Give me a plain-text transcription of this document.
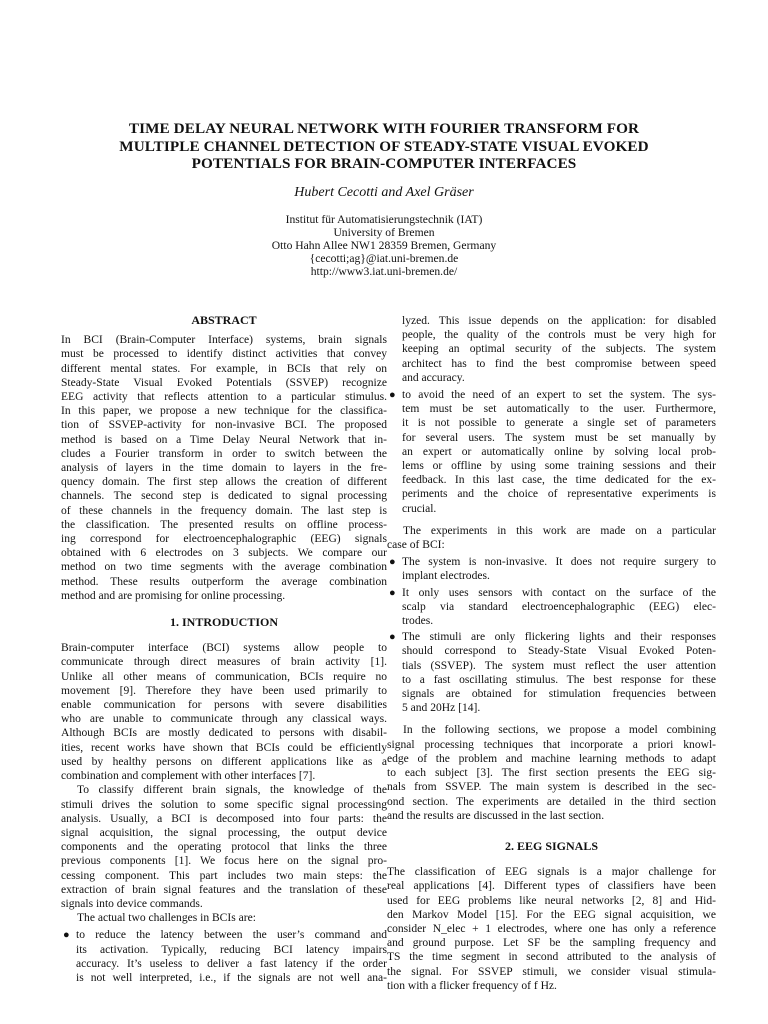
TIME DELAY NEURAL NETWORK WITH FOURIER TRANSFORM FOR
MULTIPLE CHANNEL DETECTION OF STEADY-STATE VISUAL EVOKED
POTENTIALS FOR BRAIN-COMPUTER INTERFACES
Hubert Cecotti and Axel Gräser
Institut für Automatisierungstechnik (IAT)
University of Bremen
Otto Hahn Allee NW1 28359 Bremen, Germany
{cecotti;ag}@iat.uni-bremen.de
http://www3.iat.uni-bremen.de/
ABSTRACT
In BCI (Brain-Computer Interface) systems, brain signals
must be processed to identify distinct activities that convey
different mental states. For example, in BCIs that rely on
Steady-State Visual Evoked Potentials (SSVEP) recognize
EEG activity that reflects attention to a particular stimulus.
In this paper, we propose a new technique for the classifica-
tion of SSVEP-activity for non-invasive BCI. The proposed
method is based on a Time Delay Neural Network that in-
cludes a Fourier transform in order to switch between the
analysis of layers in the time domain to layers in the fre-
quency domain. The first step allows the creation of different
channels. The second step is dedicated to signal processing
of these channels in the frequency domain. The last step is
the classification. The presented results on offline process-
ing correspond for electroencephalographic (EEG) signals
obtained with 6 electrodes on 3 subjects. We compare our
method on two time segments with the average combination
method. These results outperform the average combination
method and are promising for online processing.
1. INTRODUCTION
Brain-computer interface (BCI) systems allow people to
communicate through direct measures of brain activity [1].
Unlike all other means of communication, BCIs require no
movement [9]. Therefore they have been used primarily to
enable communication for persons with severe disabilities
who are unable to communicate through any classical ways.
Although BCIs are mostly dedicated to persons with disabil-
ities, recent works have shown that BCIs could be efficiently
used by healthy persons on different applications like as a
combination and complement with other interfaces [7].
To classify different brain signals, the knowledge of the
stimuli drives the solution to some specific signal processing
analysis. Usually, a BCI is decomposed into four parts: the
signal acquisition, the signal processing, the output device
components and the operating protocol that links the three
previous components [1]. We focus here on the signal pro-
cessing component. This part includes two main steps: the
extraction of brain signal features and the translation of these
signals into device commands.
The actual two challenges in BCIs are:
● to reduce the latency between the user’s command and
its activation. Typically, reducing BCI latency impairs
accuracy. It’s useless to deliver a fast latency if the order
is not well interpreted, i.e., if the signals are not well ana-
lyzed. This issue depends on the application: for disabled
people, the quality of the controls must be very high for
keeping an optimal security of the subjects. The system
architect has to find the best compromise between speed
and accuracy.
● to avoid the need of an expert to set the system. The sys-
tem must be set automatically to the user. Furthermore,
it is not possible to generate a single set of parameters
for several users. The system must be set manually by
an expert or automatically online by solving local prob-
lems or offline by using some training sessions and their
feedback. In this last case, the time dedicated for the ex-
periments and the choice of representative experiments is
crucial.
The experiments in this work are made on a particular
case of BCI:
● The system is non-invasive. It does not require surgery to
implant electrodes.
● It only uses sensors with contact on the surface of the
scalp via standard electroencephalographic (EEG) elec-
trodes.
● The stimuli are only flickering lights and their responses
should correspond to Steady-State Visual Evoked Poten-
tials (SSVEP). The system must reflect the user attention
to a fast oscillating stimulus. The best response for these
signals are obtained for stimulation frequencies between
5 and 20Hz [14].
In the following sections, we propose a model combining
signal processing techniques that incorporate a priori knowl-
edge of the problem and machine learning methods to adapt
to each subject [3]. The first section presents the EEG sig-
nals from SSVEP. The main system is described in the sec-
ond section. The experiments are detailed in the third section
and the results are discussed in the last section.
2. EEG SIGNALS
The classification of EEG signals is a major challenge for
real applications [4]. Different types of classifiers have been
used for EEG problems like neural networks [2, 8] and Hid-
den Markov Model [15]. For the EEG signal acquisition, we
consider N_elec + 1 electrodes, where one has only a reference
and ground purpose. Let SF be the sampling frequency and
TS the time segment in second attributed to the analysis of
the signal. For SSVEP stimuli, we consider visual stimula-
tion with a flicker frequency of f Hz.
